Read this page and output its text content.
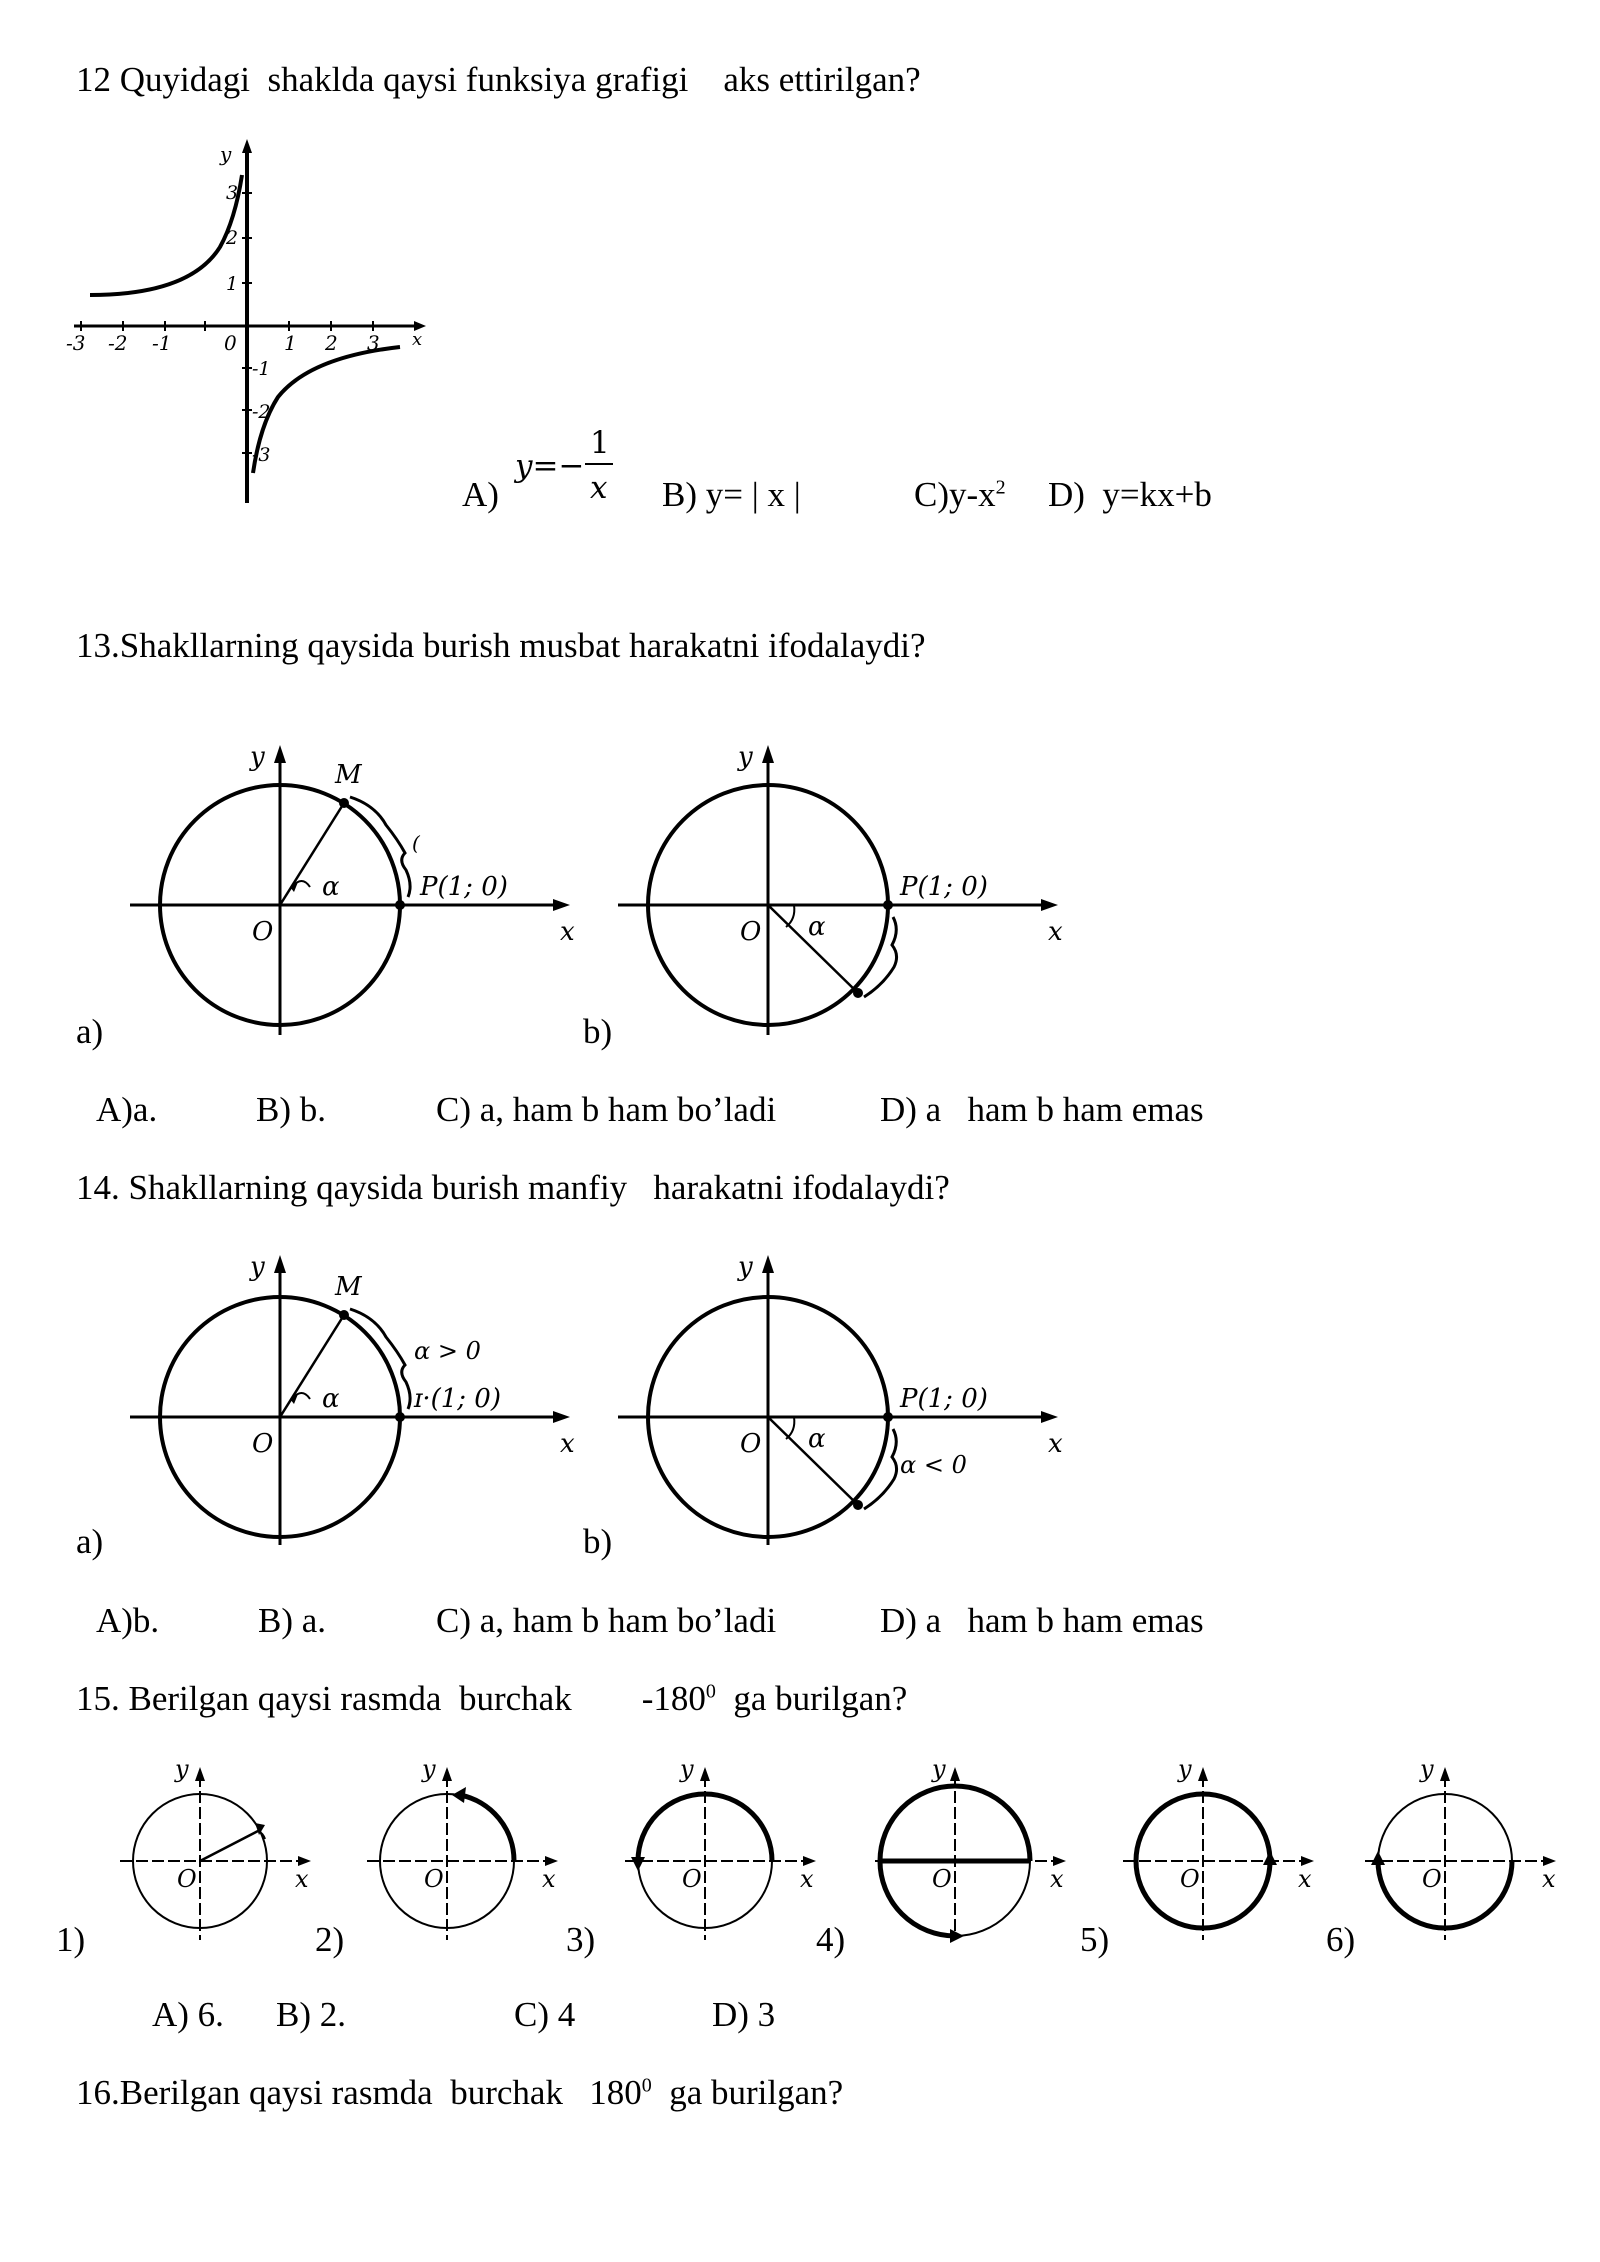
12 Quyidagi  shaklda qaysi funksiya grafigi    aks ettirilgan?
y
x
-3 -2 -1	0 1 2 3
1
2
3
-1
-2
-3
A)
y=−
1
x B) y= | x |	$C)y-x^2$ D)  y=kx+b
13.Shakllarning qaysida burish musbat harakatni ifodalaydi?
y
M
(
α	P(1; 0)
O	x
a)
y
α
P(1; 0)
O	x
b)
A)a.	B) b.	C) a, ham b ham bo’ladi	D) a   ham b ham emas
14. Shakllarning qaysida burish manfiy   harakatni ifodalaydi?
y
M
α > 0
α	ɪ·(1; 0)
O	x
a)
y
α
P(1; 0)
α < 0
O	x
b)
A)b.	B) a.	C) a, ham b ham bo’ladi	D) a   ham b ham emas
15. Berilgan qaysi rasmda  burchak        $-180^0$  ga burilgan?
y
O	x
1)
y
O	x
2)
y
O	x
3)
y
O	x
4)
y
O	x
5)
y
O	x
6)
A) 6. B) 2.	C) 4	D) 3
16.Berilgan qaysi rasmda  burchak   $180^0$  ga burilgan?
